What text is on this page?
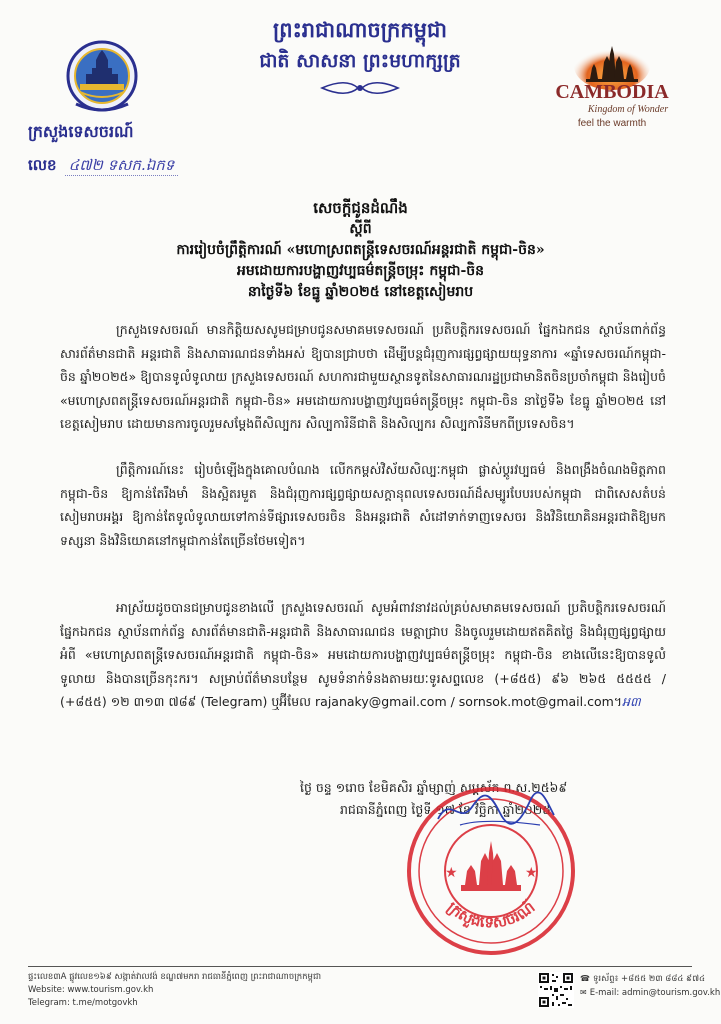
ព្រះរាជាណាចក្រកម្ពុជា
ជាតិ សាសនា ព្រះមហាក្សត្រ
ក្រសួងទេសចរណ៍
លេខ ៤៧២ ទសក.ឯកទ
CAMBODIA
Kingdom of Wonder
feel the warmth
សេចក្ដីជូនដំណឹង
ស្ដីពី
ការរៀបចំព្រឹត្តិការណ៍ «មហោស្រពតន្ត្រីទេសចរណ៍អន្តរជាតិ កម្ពុជា-ចិន»
អមដោយការបង្ហាញវប្បធម៌តន្ត្រីចម្រុះ កម្ពុជា-ចិន
នាថ្ងៃទី៦ ខែធ្នូ ឆ្នាំ២០២៥ នៅខេត្តសៀមរាប
ក្រសួងទេសចរណ៍ មានកិត្តិយសសូមជម្រាបជូនសមាគមទេសចរណ៍ ប្រតិបត្តិករទេសចរណ៍ ផ្នែកឯកជន ស្ថាប័នពាក់ព័ន្ធ សារព័ត៌មានជាតិ អន្តរជាតិ និងសាធារណជនទាំងអស់ ឱ្យបានជ្រាបថា ដើម្បីបន្តជំរុញការផ្សព្វផ្សាយយុទ្ធនាការ «ឆ្នាំទេសចរណ៍កម្ពុជា-ចិន ឆ្នាំ២០២៥» ឱ្យបានទូលំទូលាយ ក្រសួងទេសចរណ៍ សហការជាមួយស្ថានទូតនៃសាធារណរដ្ឋប្រជាមានិតចិនប្រចាំកម្ពុជា និងរៀបចំ «មហោស្រពតន្ត្រីទេសចរណ៍អន្តរជាតិ កម្ពុជា-ចិន» អមដោយការបង្ហាញវប្បធម៌តន្ត្រីចម្រុះ កម្ពុជា-ចិន នាថ្ងៃទី៦ ខែធ្នូ ឆ្នាំ២០២៥ នៅខេត្តសៀមរាប ដោយមានការចូលរួមសម្ដែងពីសិល្បករ សិល្បការិនីជាតិ និងសិល្បករ សិល្បការិនីមកពីប្រទេសចិន។
ព្រឹត្តិការណ៍នេះ រៀបចំឡើងក្នុងគោលបំណង លើកកម្ពស់វិស័យសិល្បៈកម្ពុជា ផ្លាស់ប្ដូរវប្បធម៌ និងពង្រឹងចំណងមិត្តភាព កម្ពុជា-ចិន ឱ្យកាន់តែរឹងមាំ និងស្អិតរមួត និងជំរុញការផ្សព្វផ្សាយសក្ដានុពលទេសចរណ៍ដ៏សម្បូរបែបរបស់កម្ពុជា ជាពិសេសតំបន់សៀមរាបអង្គរ ឱ្យកាន់តែទូលំទូលាយទៅកាន់ទីផ្សារទេសចរចិន និងអន្តរជាតិ សំដៅទាក់ទាញទេសចរ និងវិនិយោគិនអន្តរជាតិឱ្យមកទស្សនា និងវិនិយោគនៅកម្ពុជាកាន់តែច្រើនថែមទៀត។
អាស្រ័យដូចបានជម្រាបជូនខាងលើ ក្រសួងទេសចរណ៍ សូមអំពាវនាវដល់គ្រប់សមាគមទេសចរណ៍ ប្រតិបត្តិករទេសចរណ៍ ផ្នែកឯកជន ស្ថាប័នពាក់ព័ន្ធ សារព័ត៌មានជាតិ-អន្តរជាតិ និងសាធារណជន មេត្តាជ្រាប និងចូលរួមដោយឥតគិតថ្លៃ និងជំរុញផ្សព្វផ្សាយអំពី «មហោស្រពតន្ត្រីទេសចរណ៍អន្តរជាតិ កម្ពុជា-ចិន» អមដោយការបង្ហាញវប្បធម៌តន្ត្រីចម្រុះ កម្ពុជា-ចិន ខាងលើនេះឱ្យបានទូលំទូលាយ និងបានច្រើនកុះករ។ សម្រាប់ព័ត៌មានបន្ថែម សូមទំនាក់ទំនងតាមរយៈទូរសព្ទលេខ (+៨៥៥) ៩៦ ២៦៥ ៥៥៥៥ / (+៨៥៥) ១២ ៣១៣ ៧៨៩ (Telegram) ឬអ៊ីមែល rajanaky@gmail.com / sornsok.mot@gmail.com។អ៣
ថ្ងៃ ចន្ទ ១រោច ខែមិគសិរ ឆ្នាំម្សាញ់ សប្តស័ក ព.ស.២៥៦៩
រាជធានីភ្នំពេញ ថ្ងៃទី ១៧ ខែ វិច្ឆិកា ឆ្នាំ២០២៥
★	★
ក្រសួងទេសចរណ៍
ផ្ទះលេខ៣A ផ្លូវលេខ១៦៩ សង្កាត់វាលវង់ ខណ្ឌ៧មករា រាជធានីភ្នំពេញ ព្រះរាជាណាចក្រកម្ពុជា
Website: www.tourism.gov.kh
Telegram: t.me/motgovkh
☎ ទូរស័ព្ទ៖ +៨៥៥ ២៣ ៨៨៤ ៩៧៤
✉ E-mail: admin@tourism.gov.kh
